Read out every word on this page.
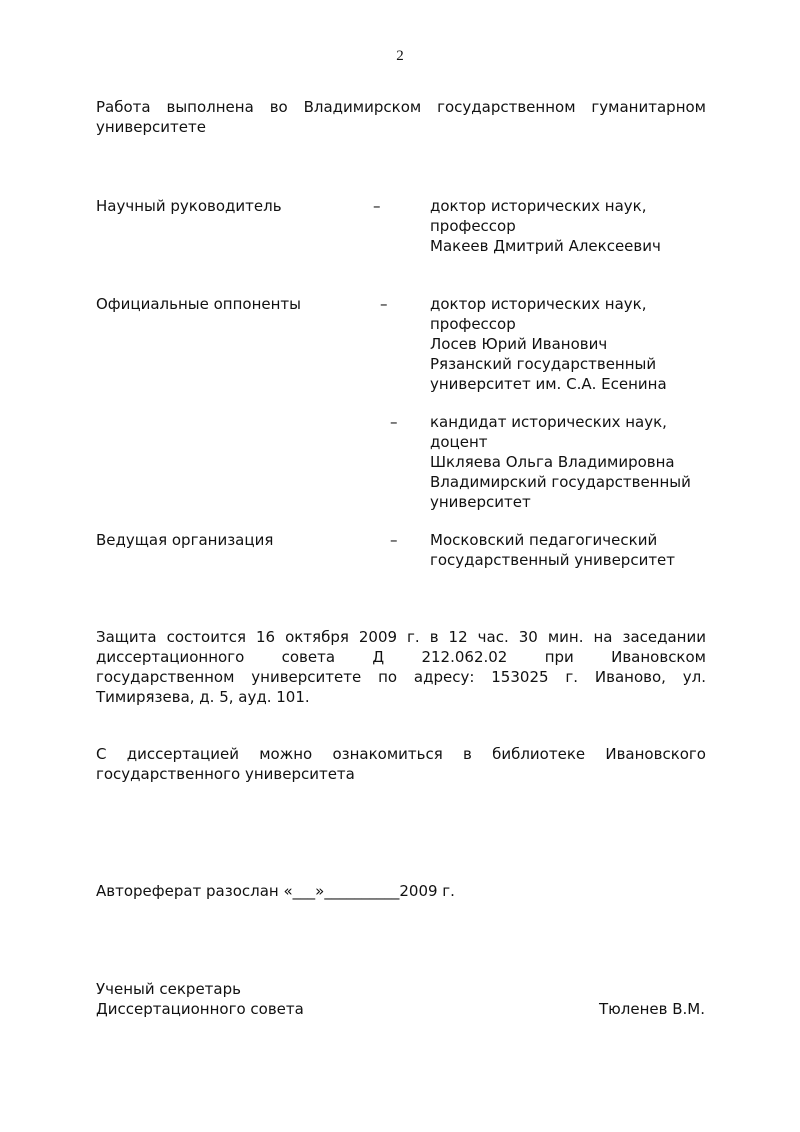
2
Работа выполнена во Владимирском государственном гуманитарном
университете
Научный руководитель	–	доктор исторических наук,
профессор
Макеев Дмитрий Алексеевич
Официальные оппоненты	–	доктор исторических наук,
профессор
Лосев Юрий Иванович
Рязанский государственный
университет им. С.А. Есенина
– кандидат исторических наук,
доцент
Шкляева Ольга Владимировна
Владимирский государственный
университет
Ведущая организация	– Московский педагогический
государственный университет
Защита состоится 16 октября 2009 г. в 12 час. 30 мин. на заседании
диссертационного совета Д 212.062.02 при Ивановском
государственном университете по адресу: 153025 г. Иваново, ул.
Тимирязева, д. 5, ауд. 101.
С диссертацией можно ознакомиться в библиотеке Ивановского
государственного университета
Автореферат разослан «___»__________2009 г.
Ученый секретарь
Диссертационного совета	Тюленев В.М.
